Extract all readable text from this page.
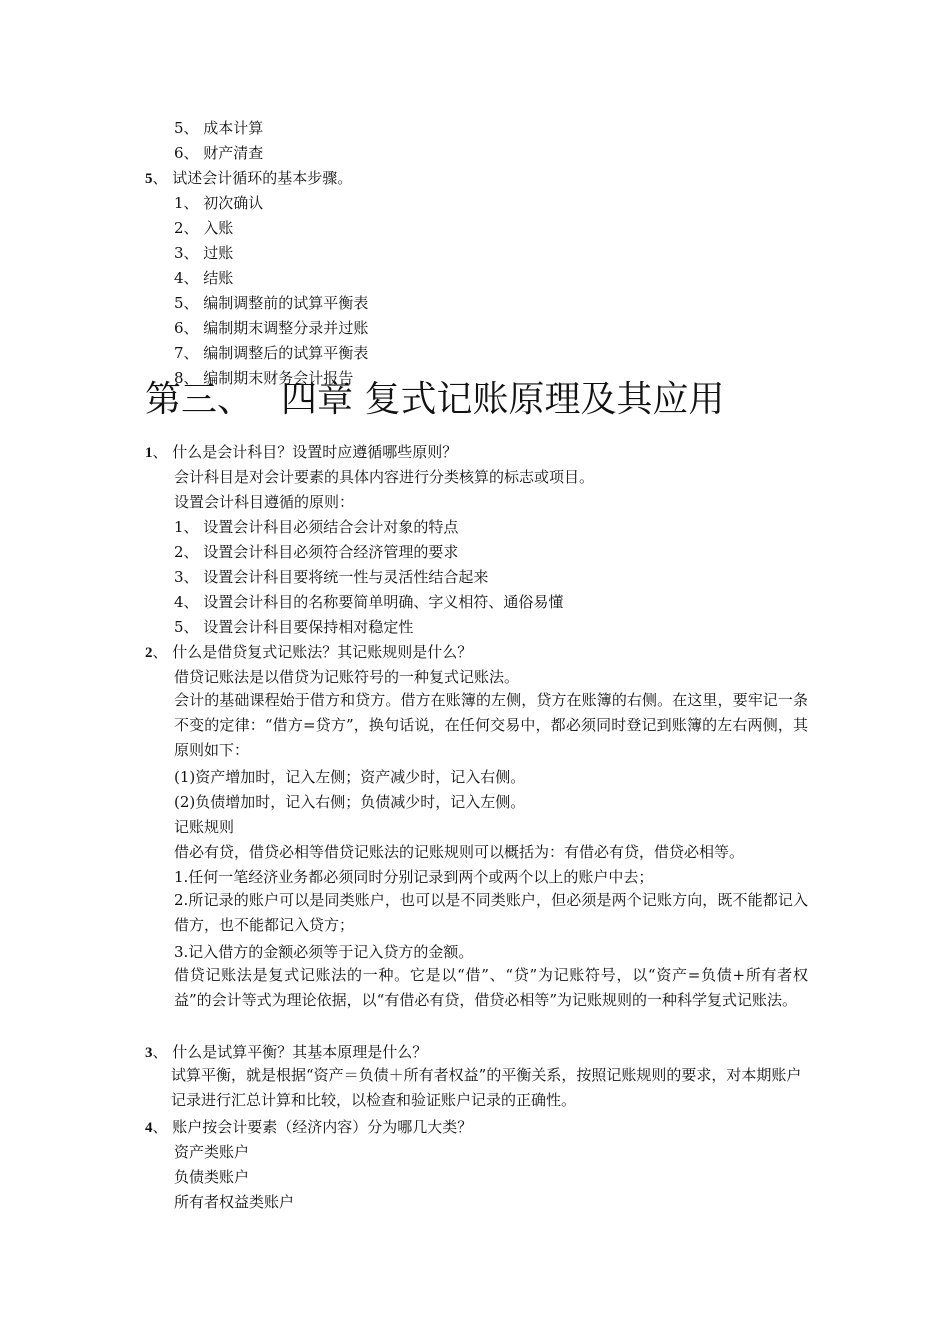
5、 成本计算
6、 财产清查
5、 试述会计循环的基本步骤。
1、 初次确认
2、 入账
3、 过账
4、 结账
5、 编制调整前的试算平衡表
6、 编制期末调整分录并过账
7、 编制调整后的试算平衡表
8、 编制期末财务会计报告
第三、 四章 复式记账原理及其应用
1、 什么是会计科目？设置时应遵循哪些原则？
会计科目是对会计要素的具体内容进行分类核算的标志或项目。
设置会计科目遵循的原则：
1、 设置会计科目必须结合会计对象的特点
2、 设置会计科目必须符合经济管理的要求
3、 设置会计科目要将统一性与灵活性结合起来
4、 设置会计科目的名称要简单明确、字义相符、通俗易懂
5、 设置会计科目要保持相对稳定性
2、 什么是借贷复式记账法？其记账规则是什么？
借贷记账法是以借贷为记账符号的一种复式记账法。
会计的基础课程始于借方和贷方。借方在账簿的左侧，贷方在账簿的右侧。在这里，要牢记一条不变的定律：“借方=贷方”，换句话说，在任何交易中，都必须同时登记到账簿的左右两侧，其原则如下：
(1)资产增加时，记入左侧；资产减少时，记入右侧。
(2)负债增加时，记入右侧；负债减少时，记入左侧。
记账规则
借必有贷，借贷必相等借贷记账法的记账规则可以概括为：有借必有贷，借贷必相等。
1.任何一笔经济业务都必须同时分别记录到两个或两个以上的账户中去；
2.所记录的账户可以是同类账户，也可以是不同类账户，但必须是两个记账方向，既不能都记入借方，也不能都记入贷方；
3.记入借方的金额必须等于记入贷方的金额。
借贷记账法是复式记账法的一种。它是以“借”、“贷”为记账符号，以“资产=负债+所有者权益”的会计等式为理论依据，以“有借必有贷，借贷必相等”为记账规则的一种科学复式记账法。
3、 什么是试算平衡？其基本原理是什么？
试算平衡，就是根据“资产＝负债＋所有者权益”的平衡关系，按照记账规则的要求，对本期账户记录进行汇总计算和比较，以检查和验证账户记录的正确性。
4、 账户按会计要素（经济内容）分为哪几大类？
资产类账户
负债类账户
所有者权益类账户
